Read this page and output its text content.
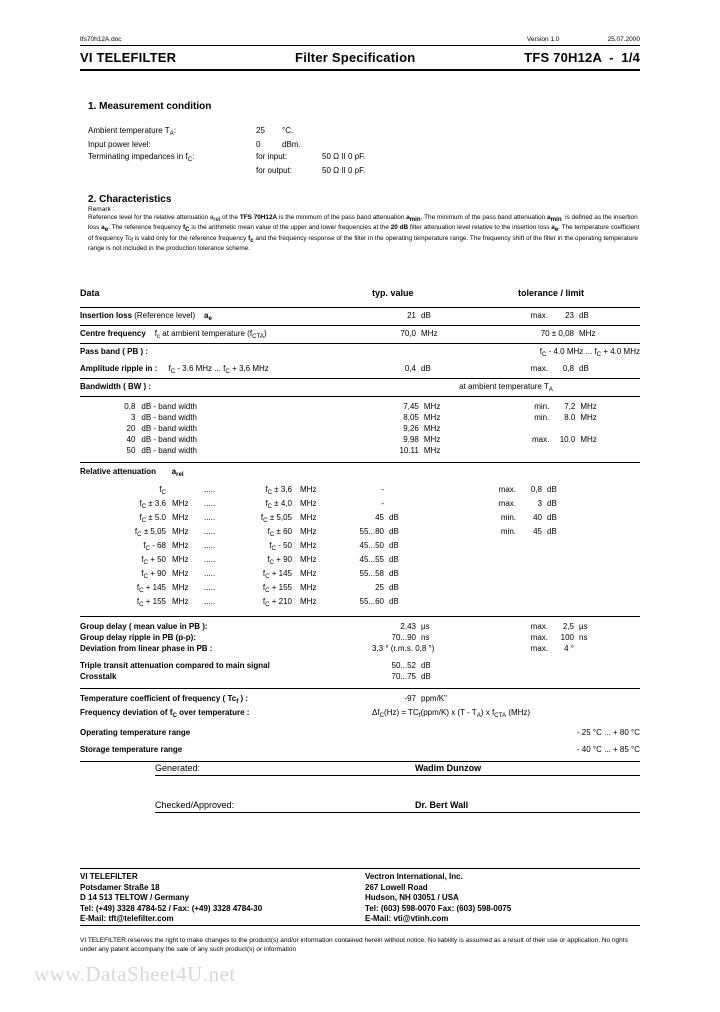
tfs70h12A.doc	Version 1.0	25.07.2000
VI TELEFILTER	Filter Specification	TFS 70H12A  -  1/4
1. Measurement condition
Ambient temperature $T_A$:	25	°C.
Input power level:	0	dBm.
Terminating impedances in $f_C$:	for input:	50 Ω II 0 pF.
for output:	50 Ω II 0 pF.
2. Characteristics
Remark :
Reference level for the relative attenuation arel of the TFS 70H12A is the minimum of the pass band attenuation amin. The minimum of the pass band attenuation amin  is defined as the insertion loss ae. The reference frequency fC is the arithmetic mean value of the upper and lower frequencies at the 20 dB filter attenuation level relative to the insertion loss ae. The temperature coefficient of frequency Tcf is valid only for the reference frequency fc and the frequency response of the filter in the operating temperature range. The frequency shift of the filter in the operating temperature range is not included in the production tolerance scheme.
Data	typ. value	tolerance / limit
Insertion loss (Reference level)    $a_e$	21 dB	max. 23 dB
Centre frequency    $f_c$ at ambient temperature $(f_{CTA})$	70,0 MHz	70 ± 0,08 MHz
Pass band ( PB ) :	$f_C - 4.0$ MHz ... $f_C + 4.0$ MHz
Amplitude ripple in :     $f_C - 3.6$ MHz ... $f_C + 3,6$ MHz	0,4 dB	max. 0,8 dB
Bandwidth ( BW ) :	at ambient temperature $T_A$
0,8 dB - band width	7,45 MHz	min. 7,2 MHz
3 dB - band width	8,05 MHz	min. 8.0 MHz
20 dB - band width	9,26 MHz
40 dB - band width	9,98 MHz	max. 10.0 MHz
50 dB - band width	10.11 MHz
Relative attenuation $a_{rel}$
$f_C$	.....	$f_C \pm 3,6$	MHz	-	max. 0,8 dB
$f_C \pm 3.6$ MHz	.....	$f_C \pm 4,0$	MHz	-	max.	3 dB
$f_C \pm 5.0$ MHz	.....	$f_C \pm 5,05$	MHz	45 dB	min. 40 dB
$f_C \pm 5,05$ MHz	.....	$f_C \pm 60$	MHz	55...80 dB	min. 45 dB
$f_C - 68$ MHz	.....	$f_C - 50$	MHz	45...50 dB
$f_C + 50$ MHz	.....	$f_C + 90$	MHz	45...55 dB
$f_C + 90$ MHz	.....	$f_C + 145$	MHz	55...58 dB
$f_C + 145$ MHz	.....	$f_C + 155$	MHz	25 dB
$f_C + 155$ MHz	.....	$f_C + 210$	MHz	55...60 dB
Group delay ( mean value in PB ):	2,43 µs	max. 2,5 µs
Group delay ripple in PB (p-p):	70...90 ns	max. 100 ns
Deviation from linear phase in PB :	3,3 ° (r.m.s. 0,8 °)	max. 4 °
Triple transit attenuation compared to main signal	50...52 dB
Crosstalk	70...75 dB
Temperature coefficient of frequency ( $Tc_f$ ) :	-97 ppm/K"
Frequency deviation of $f_C$ over temperature :	$\Delta f_C(Hz) = TC_f(ppm/K)$ x $(T - T_A)$ x $f_{CTA}$ (MHz)
Operating temperature range	- 25 °C ... + 80 °C
Storage temperature range	- 40 °C ... + 85 °C
Generated:	Wadim Dunzow
Checked/Approved:	Dr. Bert Wall
VI TELEFILTER
Potsdamer Straße 18
D 14 513 TELTOW / Germany
Tel: (+49) 3328 4784-52 / Fax: (+49) 3328 4784-30
E-Mail: tft@telefilter.com
Vectron International, Inc.
267 Lowell Road
Hudson, NH 03051 / USA
Tel: (603) 598-0070 Fax: (603) 598-0075
E-Mail: vti@vtinh.com
VI TELEFILTER reserves the right to make changes to the product(s) and/or information contained herein without notice. No liability is assumed as a result of their use or application. No rights under any patent accompany the sale of any such product(s) or information
www.DataSheet4U.net
